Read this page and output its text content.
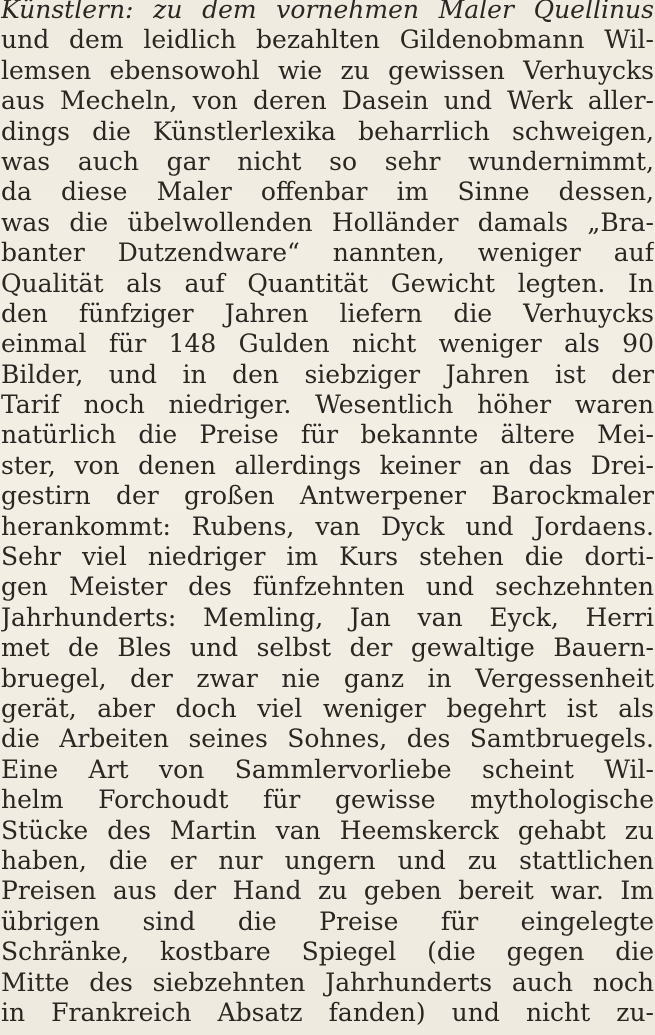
Künstlern: zu dem vornehmen Maler Quellinus
und dem leidlich bezahlten Gildenobmann Wil-
lemsen ebensowohl wie zu gewissen Verhuycks
aus Mecheln, von deren Dasein und Werk aller-
dings die Künstlerlexika beharrlich schweigen,
was auch gar nicht so sehr wundernimmt,
da diese Maler offenbar im Sinne dessen,
was die übelwollenden Holländer damals „Bra-
banter Dutzendware“ nannten, weniger auf
Qualität als auf Quantität Gewicht legten. In
den fünfziger Jahren liefern die Verhuycks
einmal für 148 Gulden nicht weniger als 90
Bilder, und in den siebziger Jahren ist der
Tarif noch niedriger. Wesentlich höher waren
natürlich die Preise für bekannte ältere Mei-
ster, von denen allerdings keiner an das Drei-
gestirn der großen Antwerpener Barockmaler
herankommt: Rubens, van Dyck und Jordaens.
Sehr viel niedriger im Kurs stehen die dorti-
gen Meister des fünfzehnten und sechzehnten
Jahrhunderts: Memling, Jan van Eyck, Herri
met de Bles und selbst der gewaltige Bauern-
bruegel, der zwar nie ganz in Vergessenheit
gerät, aber doch viel weniger begehrt ist als
die Arbeiten seines Sohnes, des Samtbruegels.
Eine Art von Sammlervorliebe scheint Wil-
helm Forchoudt für gewisse mythologische
Stücke des Martin van Heemskerck gehabt zu
haben, die er nur ungern und zu stattlichen
Preisen aus der Hand zu geben bereit war. Im
übrigen sind die Preise für eingelegte
Schränke, kostbare Spiegel (die gegen die
Mitte des siebzehnten Jahrhunderts auch noch
in Frankreich Absatz fanden) und nicht zu-
